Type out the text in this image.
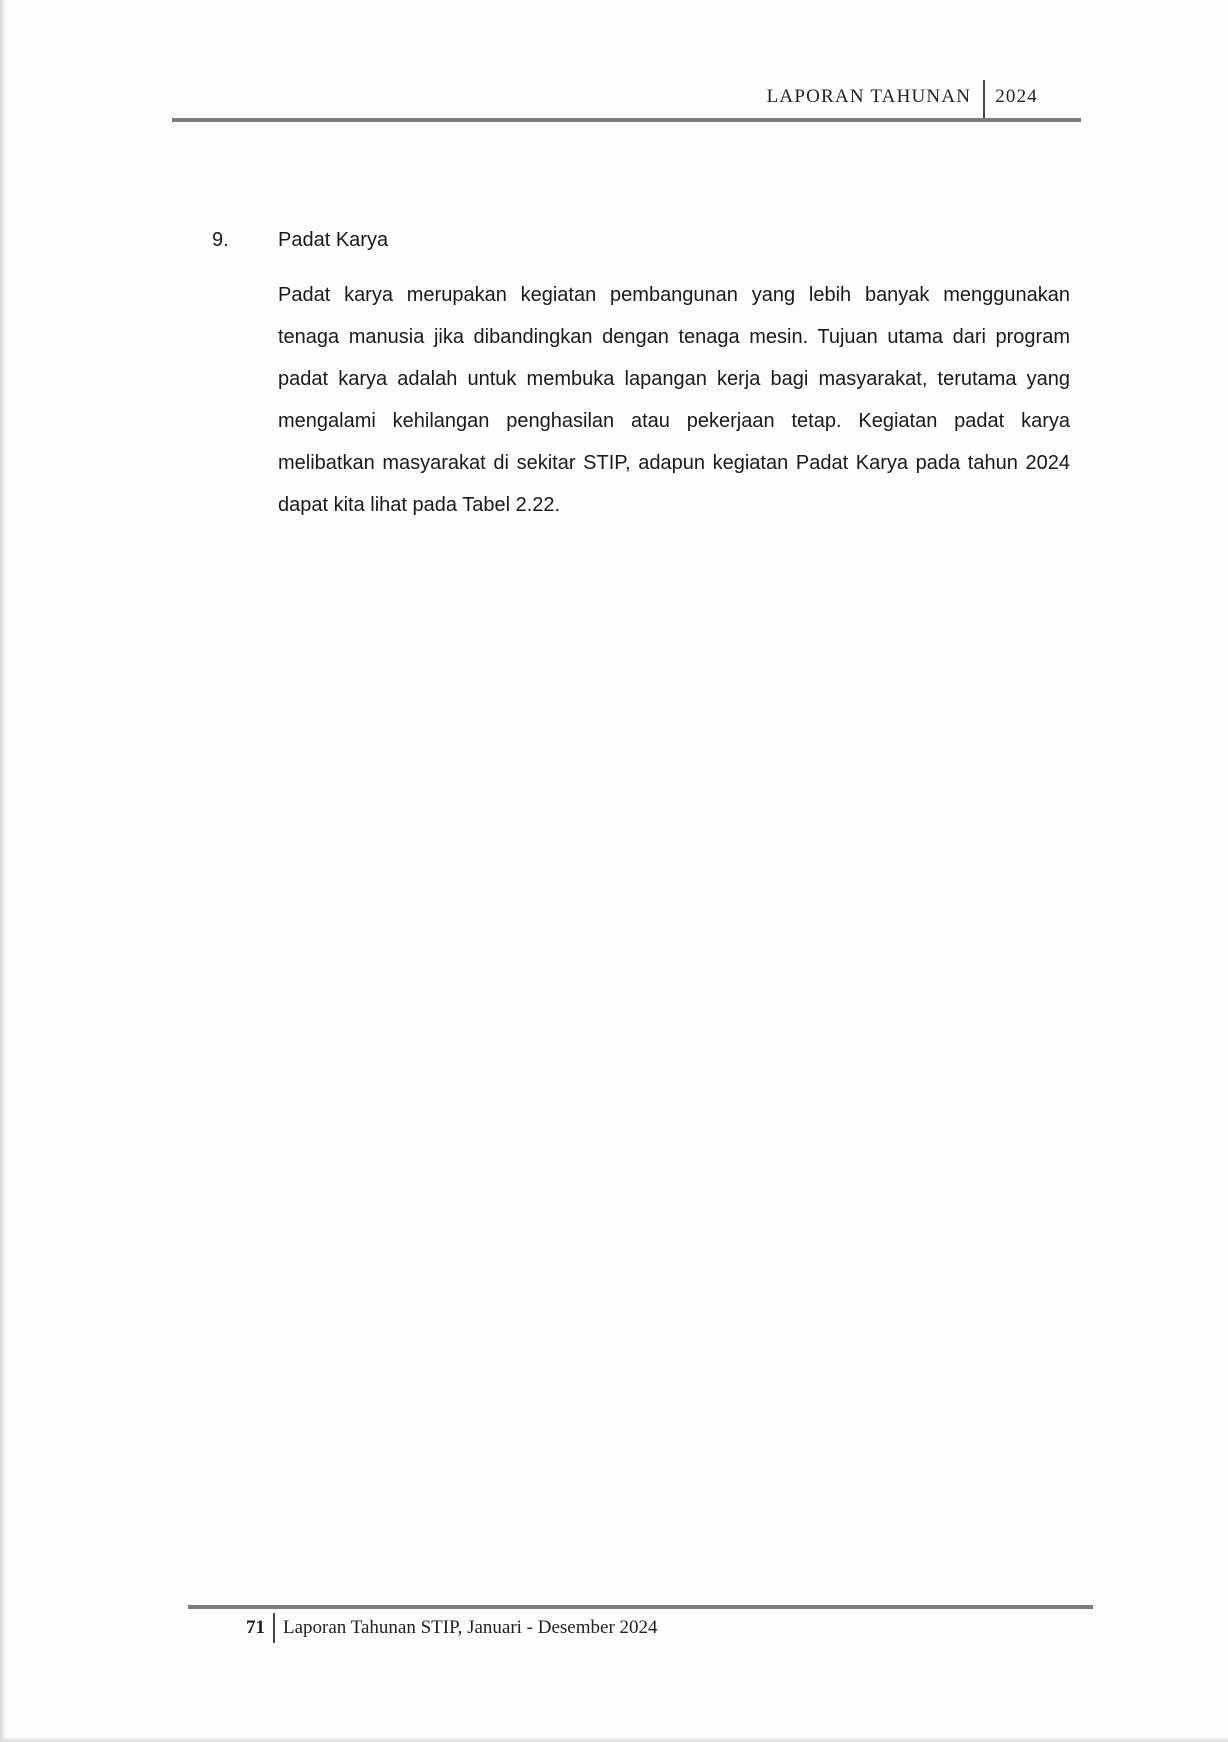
LAPORAN TAHUNAN	2024
9.	Padat Karya

Padat karya merupakan kegiatan pembangunan yang lebih banyak menggunakan tenaga manusia jika dibandingkan dengan tenaga mesin. Tujuan utama dari program padat karya adalah untuk membuka lapangan kerja bagi masyarakat, terutama yang mengalami kehilangan penghasilan atau pekerjaan tetap. Kegiatan padat karya melibatkan masyarakat di sekitar STIP, adapun kegiatan Padat Karya pada tahun 2024 dapat kita lihat pada Tabel 2.22.

71 Laporan Tahunan STIP, Januari - Desember 2024
